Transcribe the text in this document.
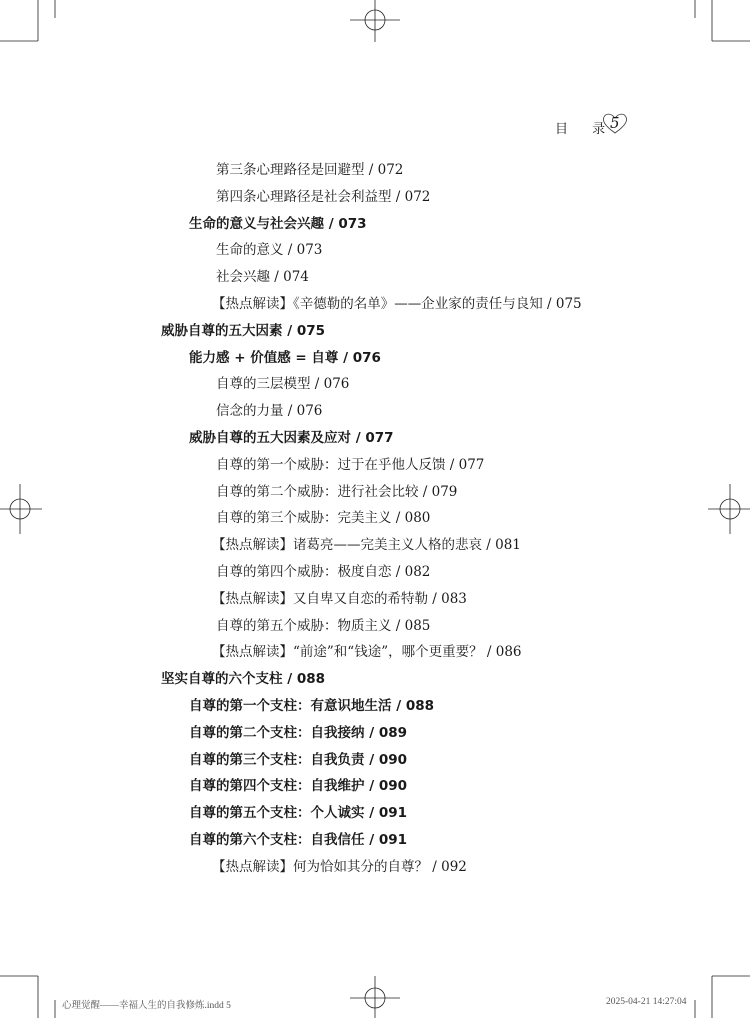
目 录
5
第三条心理路径是回避型 / 072
第四条心理路径是社会利益型 / 072
生命的意义与社会兴趣 / 073
生命的意义 / 073
社会兴趣 / 074
【热点解读】《辛德勒的名单》——企业家的责任与良知 / 075
威胁自尊的五大因素 / 075
能力感 + 价值感 = 自尊 / 076
自尊的三层模型 / 076
信念的力量 / 076
威胁自尊的五大因素及应对 / 077
自尊的第一个威胁：过于在乎他人反馈 / 077
自尊的第二个威胁：进行社会比较 / 079
自尊的第三个威胁：完美主义 / 080
【热点解读】诸葛亮——完美主义人格的悲哀 / 081
自尊的第四个威胁：极度自恋 / 082
【热点解读】又自卑又自恋的希特勒 / 083
自尊的第五个威胁：物质主义 / 085
【热点解读】“前途”和“钱途”，哪个更重要？ / 086
坚实自尊的六个支柱 / 088
自尊的第一个支柱：有意识地生活 / 088
自尊的第二个支柱：自我接纳 / 089
自尊的第三个支柱：自我负责 / 090
自尊的第四个支柱：自我维护 / 090
自尊的第五个支柱：个人诚实 / 091
自尊的第六个支柱：自我信任 / 091
【热点解读】何为恰如其分的自尊？ / 092
心理觉醒——幸福人生的自我修炼.indd 5	2025-04-21 14:27:04
